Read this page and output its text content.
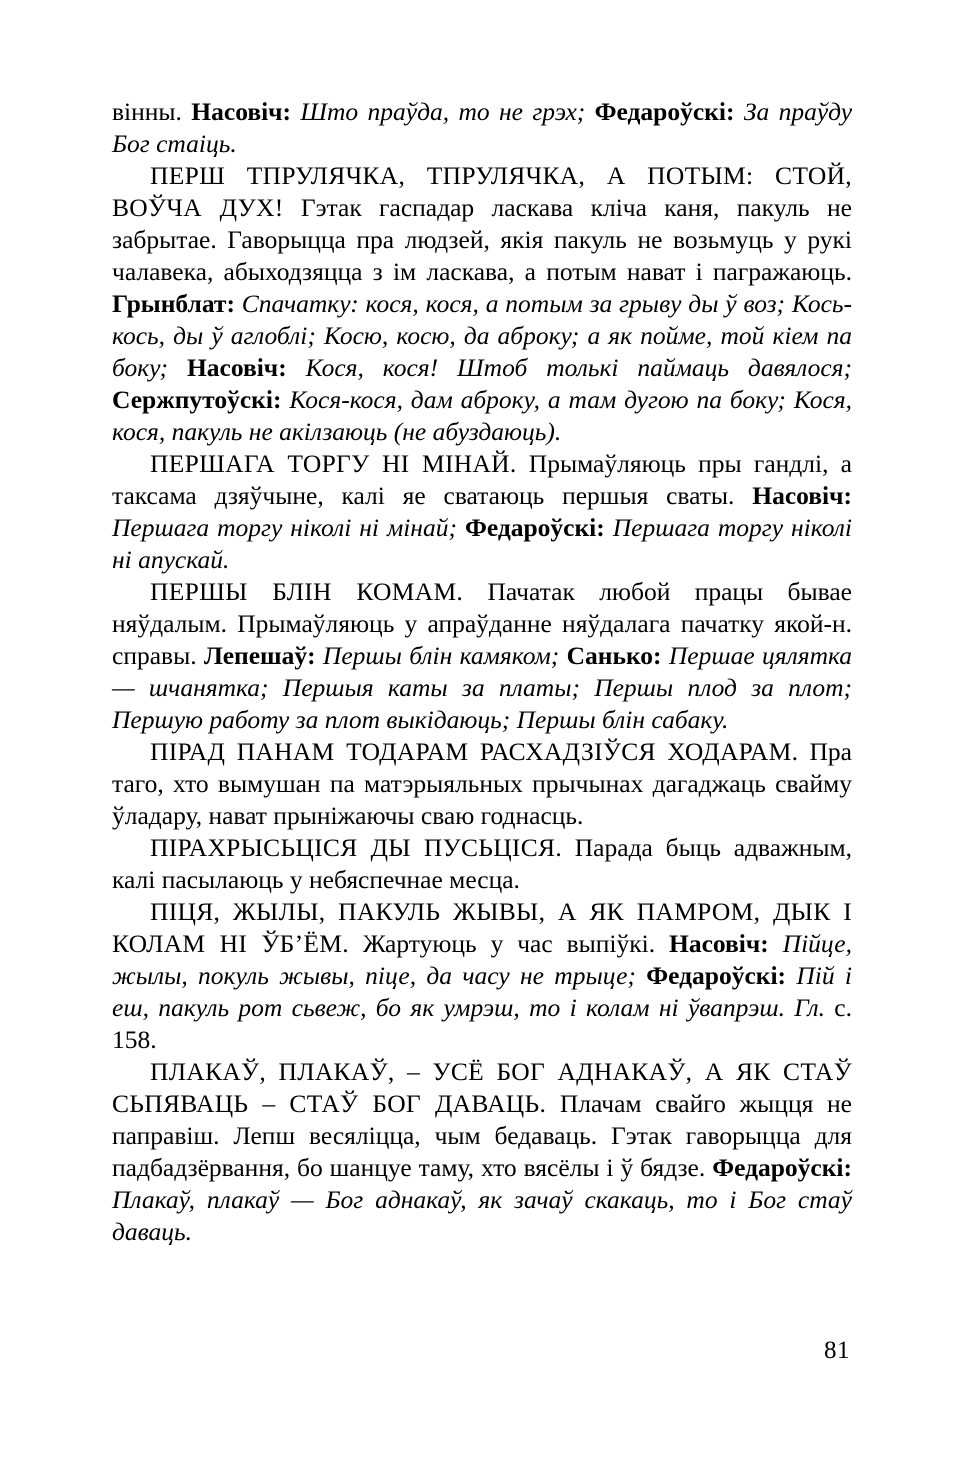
вінны. Насовіч: Што праўда, то не грэх; Федароўскі: За праўду Бог стаіць.

ПЕРШ ТПРУЛЯЧКА, ТПРУЛЯЧКА, А ПОТЫМ: СТОЙ, ВОЎЧА ДУХ! Гэтак гаспадар ласкава кліча каня, пакуль не забрытае. Гаворыцца пра людзей, якія пакуль не возьмуць у рукі чалавека, абыходзяцца з ім ласкава, а потым нават і пагражаюць. Грынблат: Спачатку: кося, кося, а потым за грыву ды ў воз; Кось-кось, ды ў аглоблі; Косю, косю, да аброку; а як пойме, той кіем па боку; Насовіч: Кося, кося! Штоб толькі паймаць давялося; Сержпутоўскі: Кося-кося, дам аброку, а там дугою па боку; Кося, кося, пакуль не акілзаюць (не абуздаюць).

ПЕРШАГА ТОРГУ НІ МІНАЙ. Прымаўляюць пры гандлі, а таксама дзяўчыне, калі яе сватаюць першыя сваты. Насовіч: Першага торгу ніколі ні мінай; Федароўскі: Першага торгу ніколі ні апускай.

ПЕРШЫ БЛІН КОМАМ. Пачатак любой працы бывае няўдалым. Прымаўляюць у апраўданне няўдалага пачатку якой-н. справы. Лепешаў: Першы блін камяком; Санько: Першае цялятка — шчанятка; Першыя каты за платы; Першы плод за плот; Першую работу за плот выкідаюць; Першы блін сабаку.

ПІРАД ПАНАМ ТОДАРАМ РАСХАДЗІЎСЯ ХОДАРАМ. Пра таго, хто вымушан па матэрыяльных прычынах дагаджаць свайму ўладару, нават прыніжаючы сваю годнасць.

ПІРАХРЫСЬЦІСЯ ДЫ ПУСЬЦІСЯ. Парада быць адважным, калі пасылаюць у небяспечнае месца.

ПІЦЯ, ЖЫЛЫ, ПАКУЛЬ ЖЫВЫ, А ЯК ПАМРОМ, ДЫК І КОЛАМ НІ ЎБ’ЁМ. Жартуюць у час выпіўкі. Насовіч: Пійце, жылы, покуль жывы, піце, да часу не трыце; Федароўскі: Пій і еш, пакуль рот сьвеж, бо як умрэш, то і колам ні ўвапрэш. Гл. с. 158.

ПЛАКАЎ, ПЛАКАЎ, – УСЁ БОГ АДНАКАЎ, А ЯК СТАЎ СЬПЯВАЦЬ – СТАЎ БОГ ДАВАЦЬ. Плачам свайго жыцця не паправіш. Лепш весяліцца, чым бедаваць. Гэтак гаворыцца для падбадзёрвання, бо шанцуе таму, хто вясёлы і ў бядзе. Федароўскі: Плакаў, плакаў — Бог аднакаў, як зачаў скакаць, то і Бог стаў даваць.

81
